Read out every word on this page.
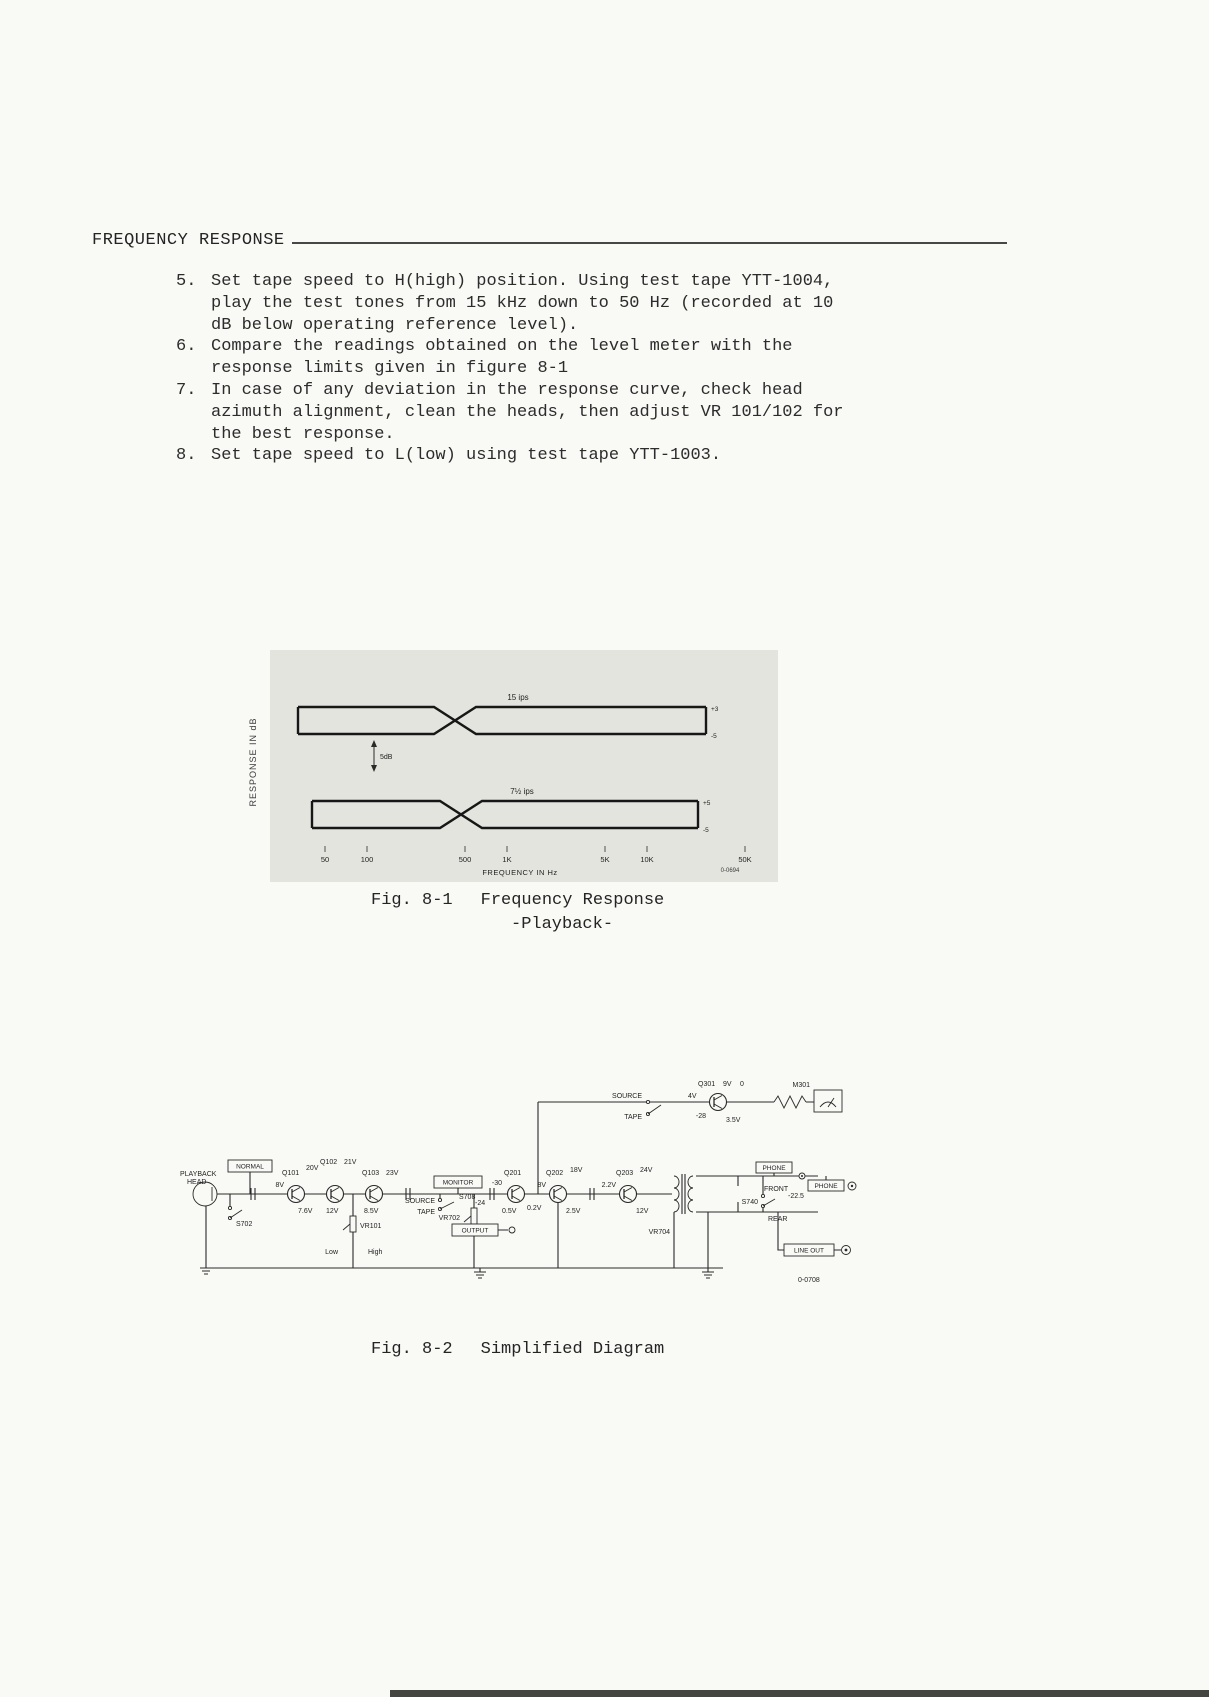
FREQUENCY RESPONSE
5. Set tape speed to H(high) position. Using test tape YTT-1004, play the test tones from 15 kHz down to 50 Hz (recorded at 10 dB below operating reference level).
6. Compare the readings obtained on the level meter with the response limits given in figure 8-1
7. In case of any deviation in the response curve, check head azimuth alignment, clean the heads, then adjust VR 101/102 for the best response.
8. Set tape speed to L(low) using test tape YTT-1003.
RESPONSE IN dB
15 ips
+3
-5
5dB
7½ ips
+5
-5
50	100	500	1K	5K	10K	50K
FREQUENCY IN Hz	0-0694
Fig. 8-1 Frequency Response
-Playback-
PLAYBACK
HEAD
NORMAL
S702
Q101
20V
8V
7.6V
Q102 21V
12V
Q103 23V
8.5V
VR101
Low	High
MONITOR
SOURCE
TAPE
S708
-24
VR702
OUTPUT
Q201
-30
0.5V 0.2V
Q202 18V
8V
2.5V
Q203 24V
2.2V
12V
VR704
SOURCE
TAPE
Q301 9V 0
-28
4V
3.5V
M301
PHONE
FRONT
-22.5
S740
REAR
PHONE
LINE OUT
0-0708
Fig. 8-2 Simplified Diagram
